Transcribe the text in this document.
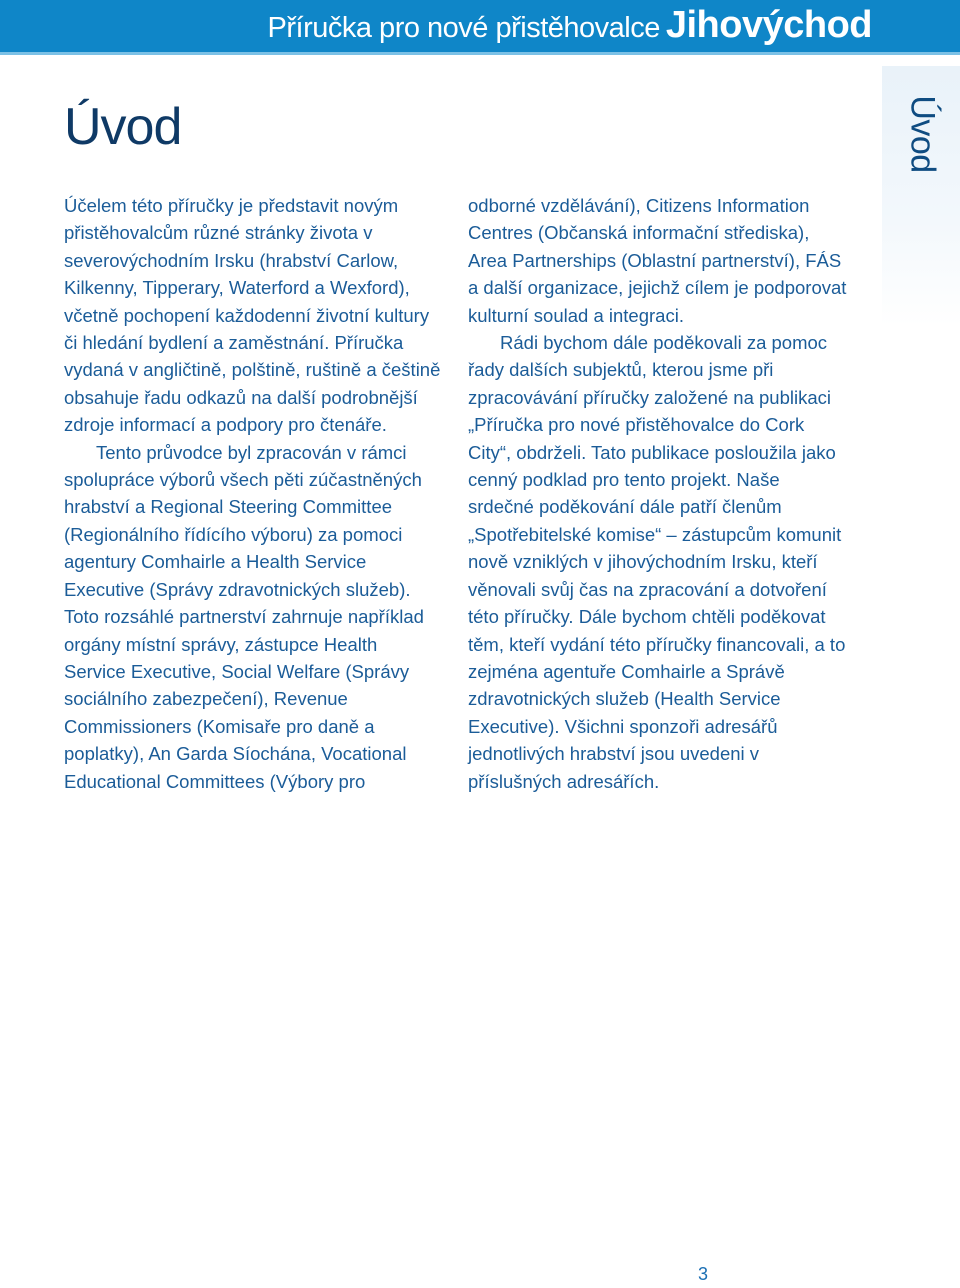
Příručka pro nové přistěhovalce Jihovýchod
Úvod
Úvod

Účelem této příručky je představit novým přistěhovalcům různé stránky života v severovýchodním Irsku (hrabství Carlow, Kilkenny, Tipperary, Waterford a Wexford), včetně pochopení každodenní životní kultury či hledání bydlení a zaměstnání. Příručka vydaná v angličtině, polštině, ruštině a češtině obsahuje řadu odkazů na další podrobnější zdroje informací a podpory pro čtenáře.

Tento průvodce byl zpracován v rámci spolupráce výborů všech pěti zúčastněných hrabství a Regional Steering Committee (Regionálního řídícího výboru) za pomoci agentury Comhairle a Health Service Executive (Správy zdravotnických služeb). Toto rozsáhlé partnerství zahrnuje například orgány místní správy, zástupce Health Service Executive, Social Welfare (Správy sociálního zabezpečení), Revenue Commissioners (Komisaře pro daně a poplatky), An Garda Síochána, Vocational Educational Committees (Výbory pro

odborné vzdělávání), Citizens Information Centres (Občanská informační střediska), Area Partnerships (Oblastní partnerství), FÁS a další organizace, jejichž cílem je podporovat kulturní soulad a integraci.

Rádi bychom dále poděkovali za pomoc řady dalších subjektů, kterou jsme při zpracovávání příručky založené na publikaci „Příručka pro nové přistěhovalce do Cork City“, obdrželi. Tato publikace posloužila jako cenný podklad pro tento projekt. Naše srdečné poděkování dále patří členům „Spotřebitelské komise“ – zástupcům komunit nově vzniklých v jihovýchodním Irsku, kteří věnovali svůj čas na zpracování a dotvoření této příručky. Dále bychom chtěli poděkovat těm, kteří vydání této příručky financovali, a to zejména agentuře Comhairle a Správě zdravotnických služeb (Health Service Executive). Všichni sponzoři adresářů jednotlivých hrabství jsou uvedeni v příslušných adresářích.

3
